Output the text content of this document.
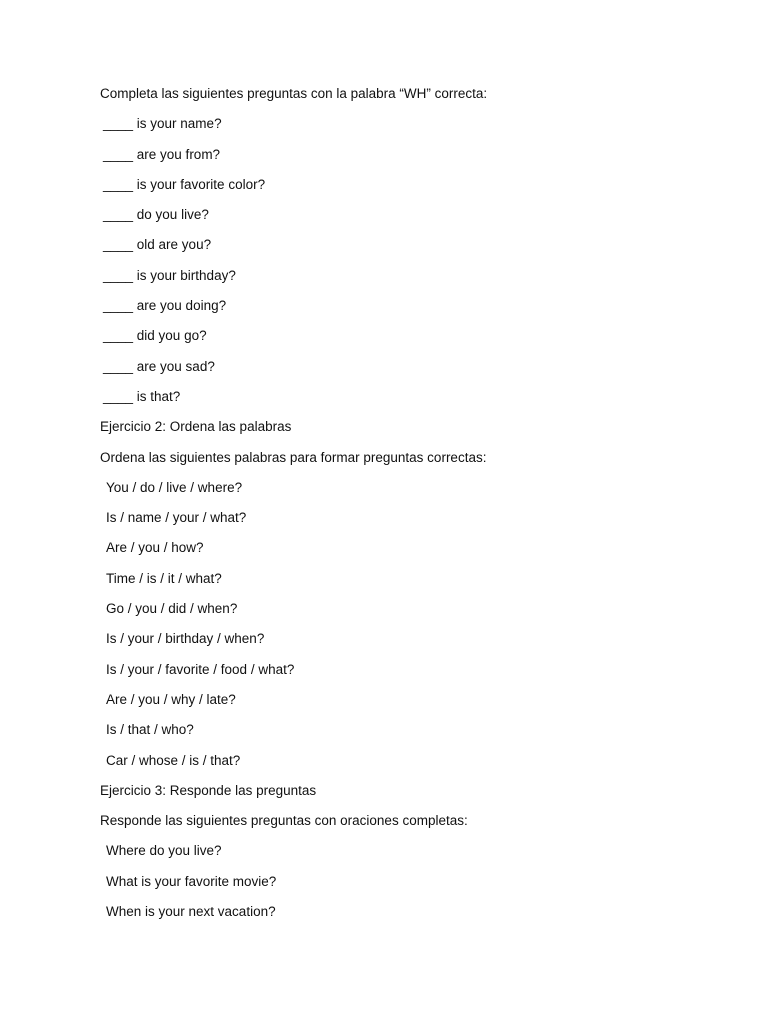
Completa las siguientes preguntas con la palabra “WH” correcta:
____ is your name?
____ are you from?
____ is your favorite color?
____ do you live?
____ old are you?
____ is your birthday?
____ are you doing?
____ did you go?
____ are you sad?
____ is that?
Ejercicio 2: Ordena las palabras
Ordena las siguientes palabras para formar preguntas correctas:
You / do / live / where?
Is / name / your / what?
Are / you / how?
Time / is / it / what?
Go / you / did / when?
Is / your / birthday / when?
Is / your / favorite / food / what?
Are / you / why / late?
Is / that / who?
Car / whose / is / that?
Ejercicio 3: Responde las preguntas
Responde las siguientes preguntas con oraciones completas:
Where do you live?
What is your favorite movie?
When is your next vacation?
